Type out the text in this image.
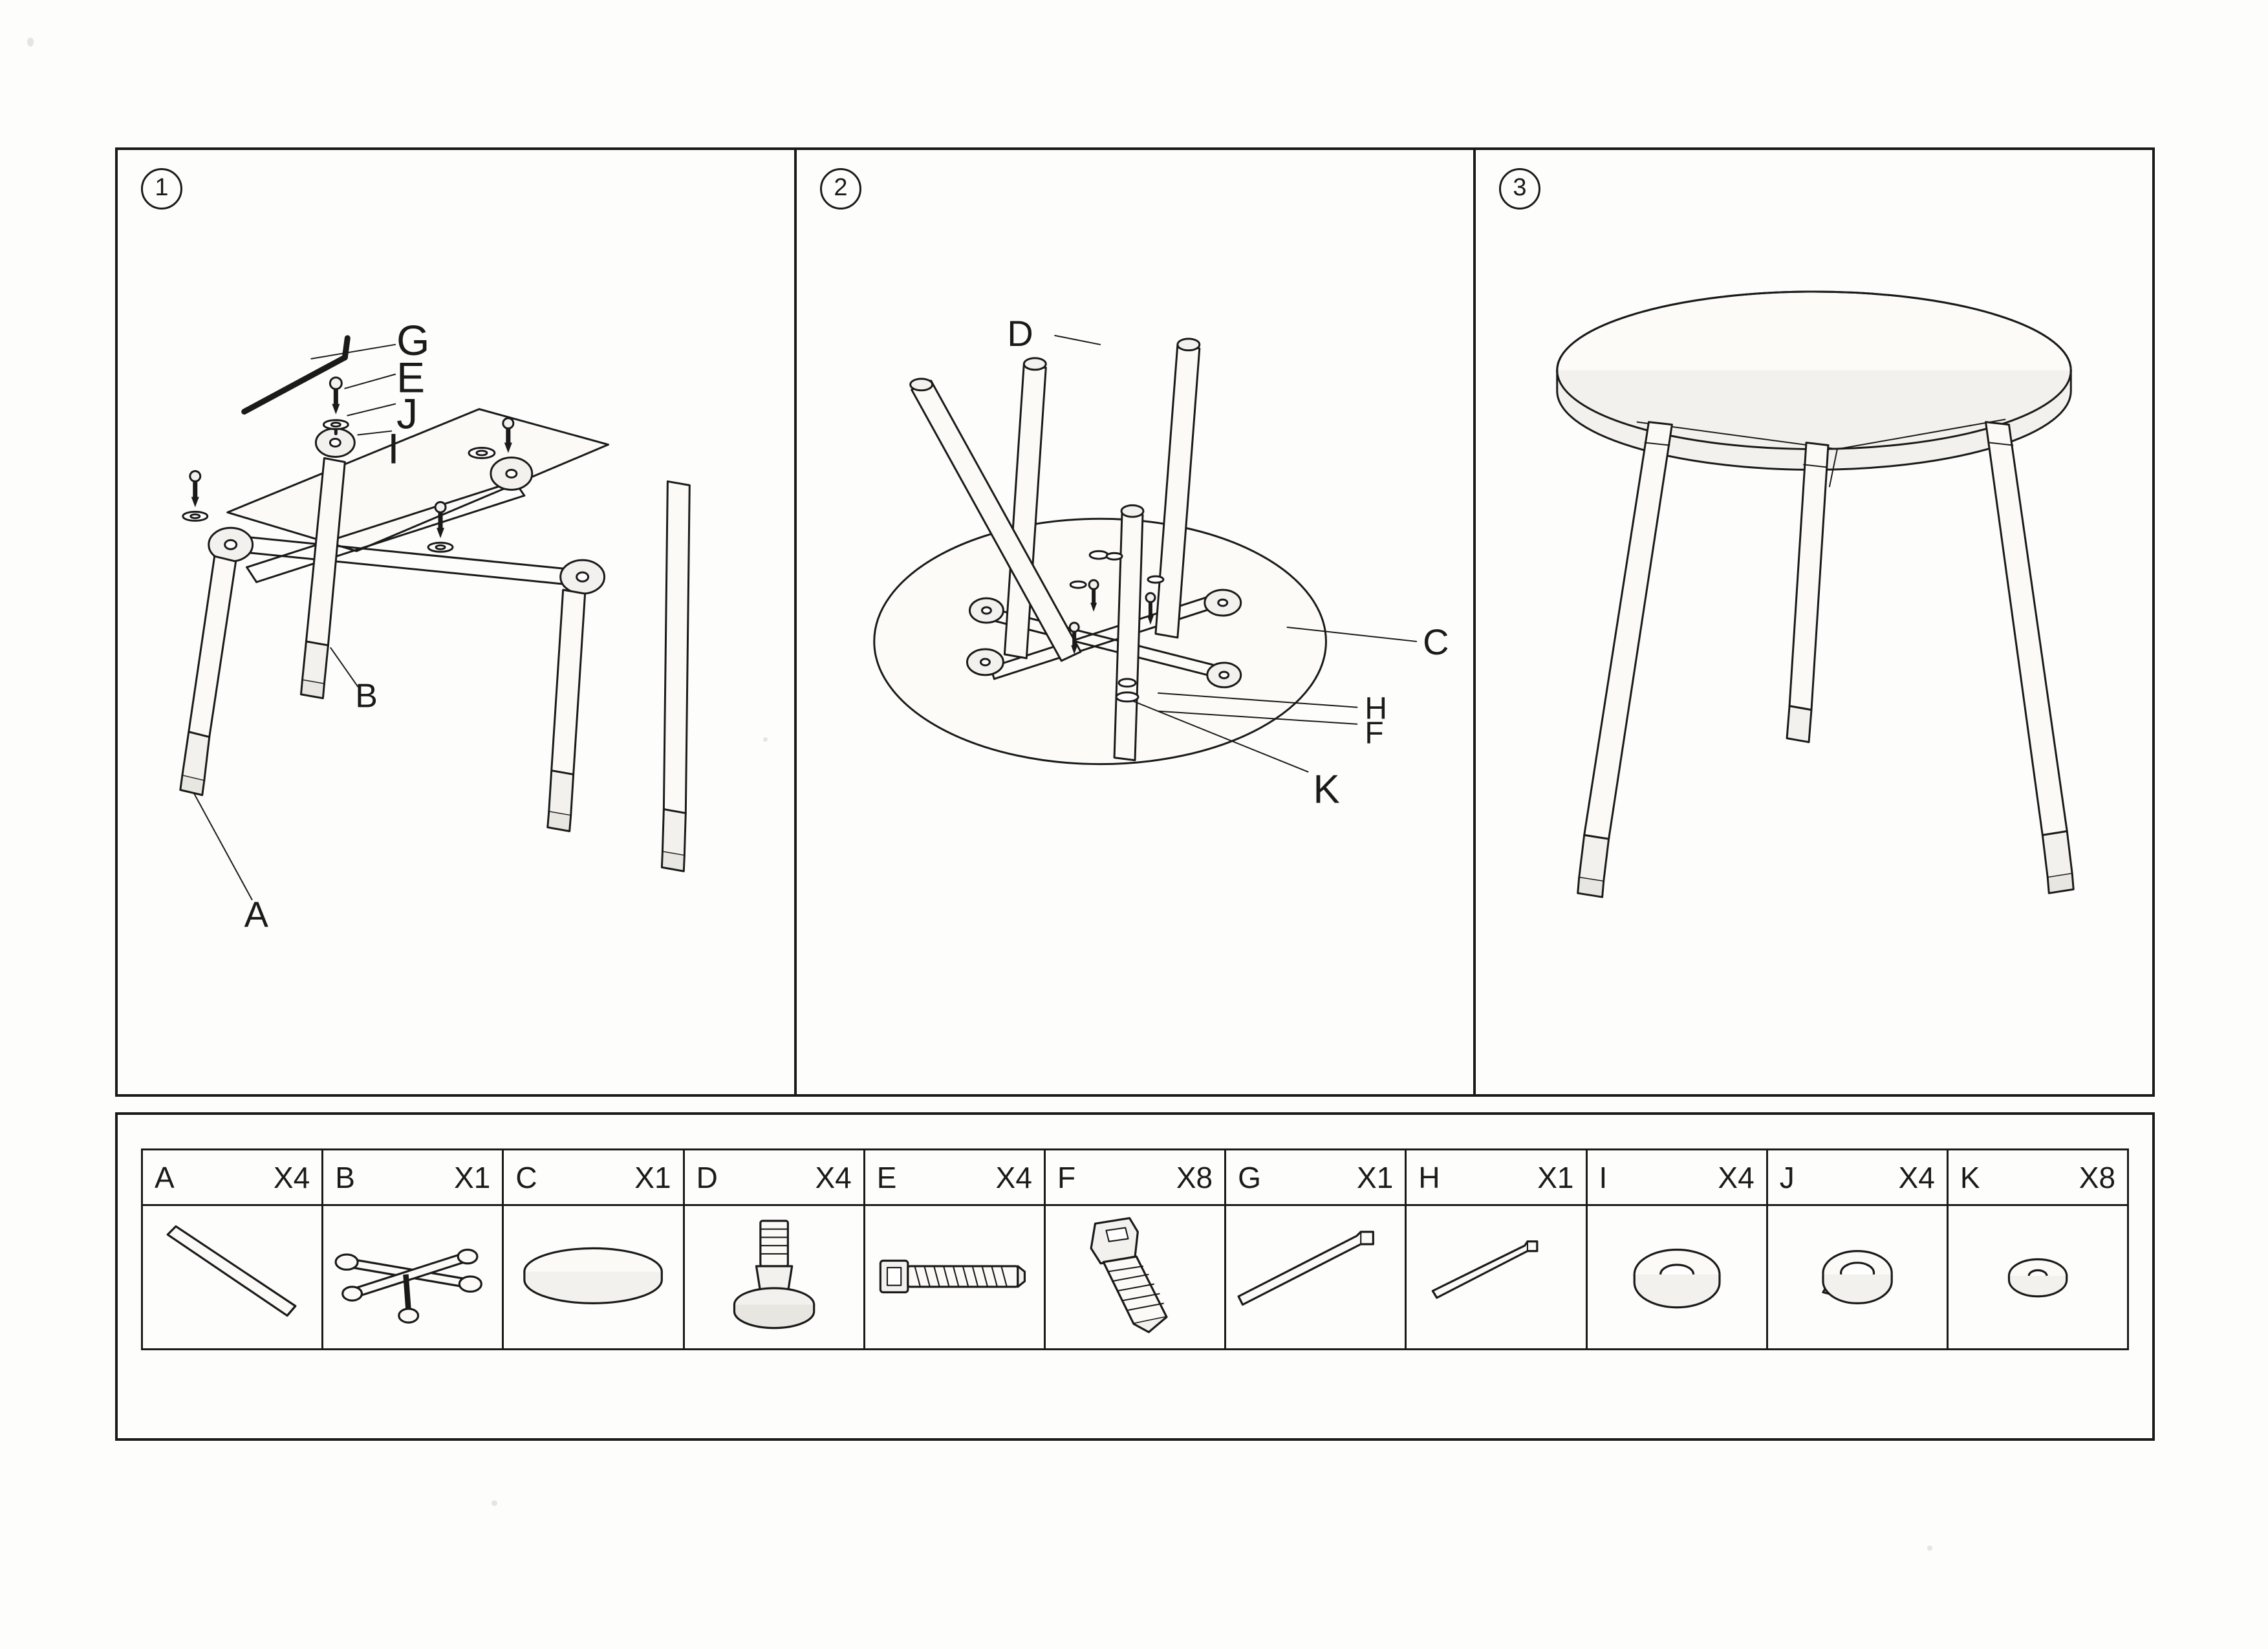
1
G
E
J
I
B
A
2
D
C
H
F
K
3
A	X4 B	X1 C	X1 D	X4 E	X4 F	X8 G	X1 H	X1 I	X4 J	X4 K	X8
